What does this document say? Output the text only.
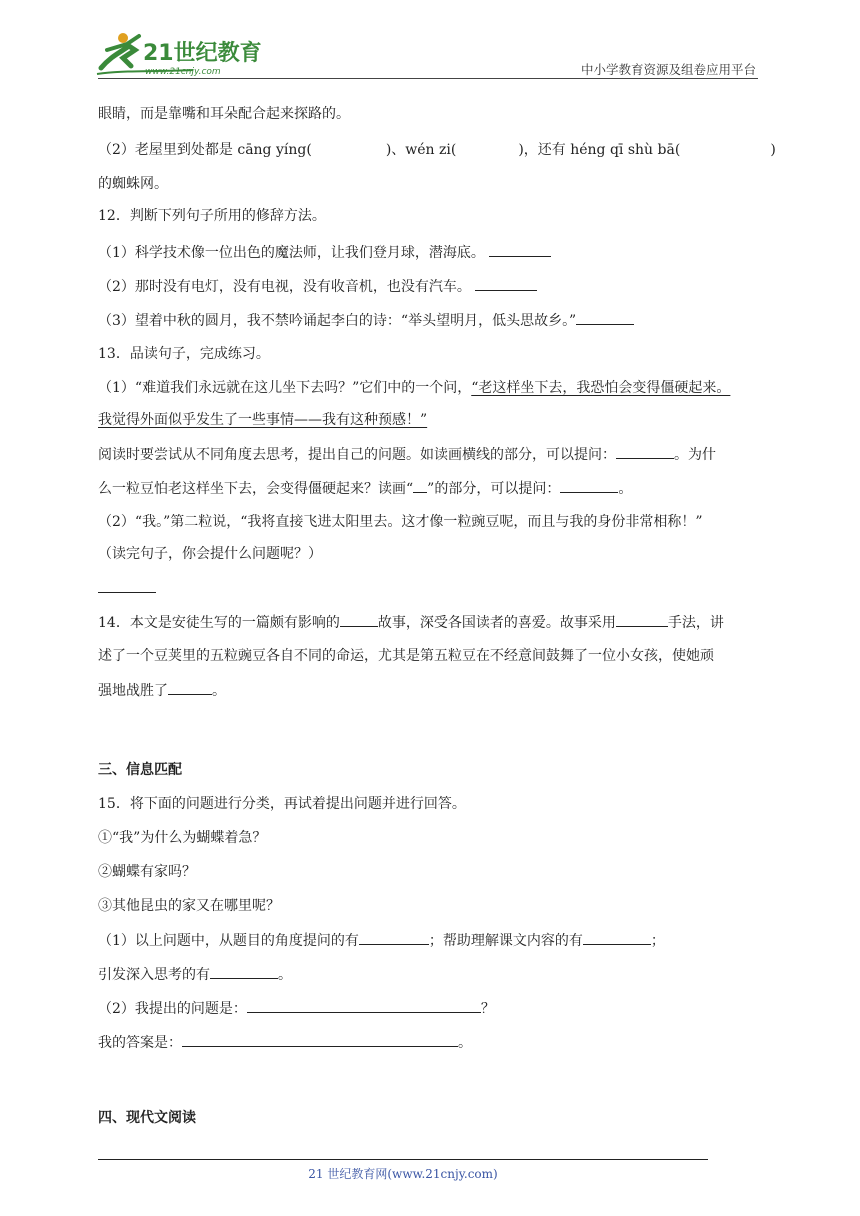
21世纪教育
www.21cnjy.com	中小学教育资源及组卷应用平台
眼睛，而是靠嘴和耳朵配合起来探路的。
（2）老屋里到处都是 cāng yíng(	)、wén zi(	)，还有 héng qī shù bā(	)
的蜘蛛网。
12．判断下列句子所用的修辞方法。
（1）科学技术像一位出色的魔法师，让我们登月球，潜海底。
（2）那时没有电灯，没有电视，没有收音机，也没有汽车。
（3）望着中秋的圆月，我不禁吟诵起李白的诗：“举头望明月，低头思故乡。”
13．品读句子，完成练习。
（1）“难道我们永远就在这儿坐下去吗？”它们中的一个问，“老这样坐下去，我恐怕会变得僵硬起来。
我觉得外面似乎发生了一些事情——我有这种预感！”
阅读时要尝试从不同角度去思考，提出自己的问题。如读画横线的部分，可以提问：	。为什
么一粒豆怕老这样坐下去，会变得僵硬起来？读画“ ”的部分，可以提问：	。
（2）“我。”第二粒说，“我将直接飞进太阳里去。这才像一粒豌豆呢，而且与我的身份非常相称！”
（读完句子，你会提什么问题呢？）
14．本文是安徒生写的一篇颇有影响的	故事，深受各国读者的喜爱。故事采用	手法，讲
述了一个豆荚里的五粒豌豆各自不同的命运，尤其是第五粒豆在不经意间鼓舞了一位小女孩，使她顽
强地战胜了	。
三、信息匹配
15．将下面的问题进行分类，再试着提出问题并进行回答。
①“我”为什么为蝴蝶着急？
②蝴蝶有家吗？
③其他昆虫的家又在哪里呢？
（1）以上问题中，从题目的角度提问的有	；帮助理解课文内容的有	；
引发深入思考的有	。
（2）我提出的问题是：	？
我的答案是：	。
四、现代文阅读
21 世纪教育网(www.21cnjy.com)
